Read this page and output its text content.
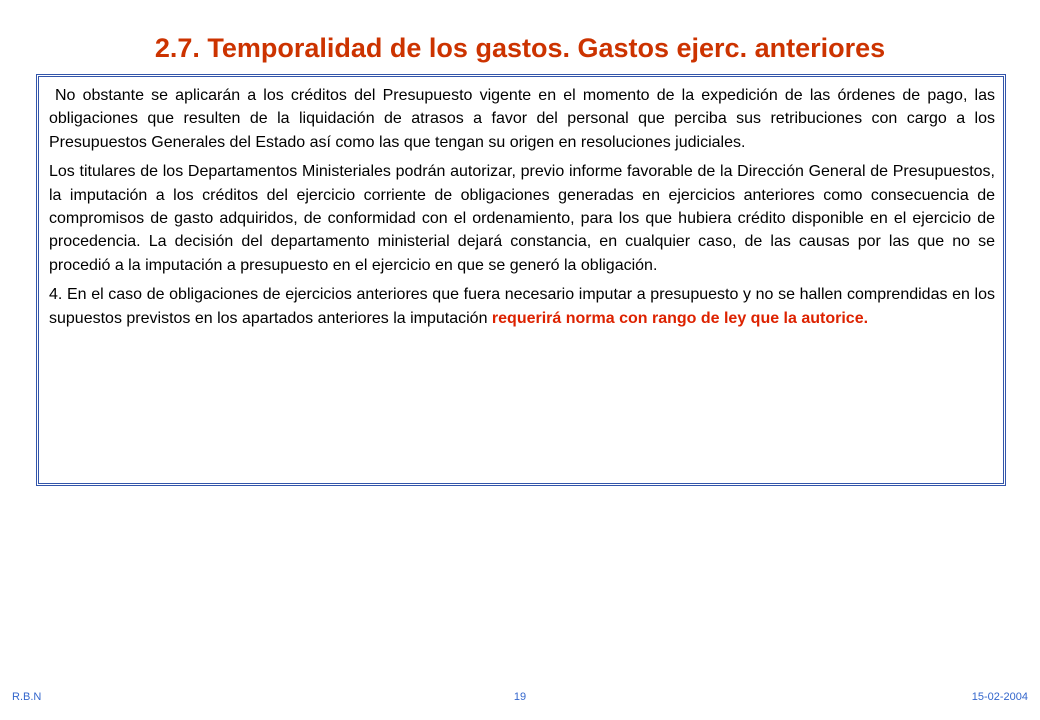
2.7. Temporalidad de los gastos. Gastos ejerc. anteriores

No obstante se aplicarán a los créditos del Presupuesto vigente en el momento de la expedición de las órdenes de pago, las obligaciones que resulten de la liquidación de atrasos a favor del personal que perciba sus retribuciones con cargo a los Presupuestos Generales del Estado así como las que tengan su origen en resoluciones judiciales.

Los titulares de los Departamentos Ministeriales podrán autorizar, previo informe favorable de la Dirección General de Presupuestos, la imputación a los créditos del ejercicio corriente de obligaciones generadas en ejercicios anteriores como consecuencia de compromisos de gasto adquiridos, de conformidad con el ordenamiento, para los que hubiera crédito disponible en el ejercicio de procedencia. La decisión del departamento ministerial dejará constancia, en cualquier caso, de las causas por las que no se procedió a la imputación a presupuesto en el ejercicio en que se generó la obligación.

4. En el caso de obligaciones de ejercicios anteriores que fuera necesario imputar a presupuesto y no se hallen comprendidas en los supuestos previstos en los apartados anteriores la imputación requerirá norma con rango de ley que la autorice.

R.B.N	19	15-02-2004
